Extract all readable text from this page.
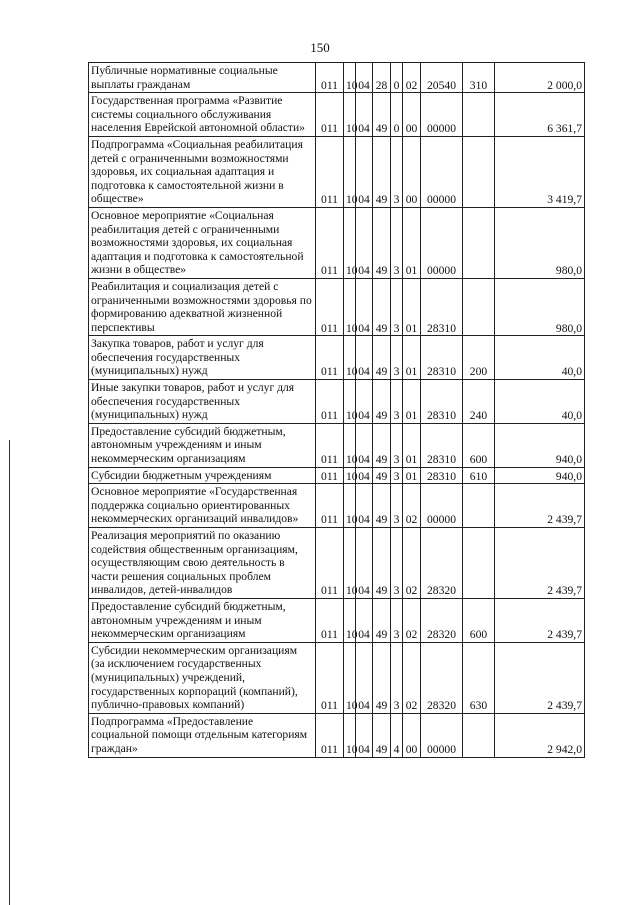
150
Публичные нормативные социальные выплаты гражданам	011	10	04	28	0	02	20540	310	2 000,0
Государственная программа «Развитие системы социального обслуживания населения Еврейской автономной области»	011	10	04	49	0	00	00000		6 361,7
Подпрограмма «Социальная реабилитация детей с ограниченными возможностями здоровья, их социальная адаптация и подготовка к самостоятельной жизни в обществе»	011	10	04	49	3	00	00000		3 419,7
Основное мероприятие «Социальная реабилитация детей с ограниченными возможностями здоровья, их социальная адаптация и подготовка к самостоятельной жизни в обществе»	011	10	04	49	3	01	00000		980,0
Реабилитация и социализация детей с ограниченными возможностями здоровья по формированию адекватной жизненной перспективы	011	10	04	49	3	01	28310		980,0
Закупка товаров, работ и услуг для обеспечения государственных (муниципальных) нужд	011	10	04	49	3	01	28310	200	40,0
Иные закупки товаров, работ и услуг для обеспечения государственных (муниципальных) нужд	011	10	04	49	3	01	28310	240	40,0
Предоставление субсидий бюджетным, автономным учреждениям и иным некоммерческим организациям	011	10	04	49	3	01	28310	600	940,0
Субсидии бюджетным учреждениям	011	10	04	49	3	01	28310	610	940,0
Основное мероприятие «Государственная поддержка социально ориентированных некоммерческих организаций инвалидов»	011	10	04	49	3	02	00000		2 439,7
Реализация мероприятий по оказанию содействия общественным организациям, осуществляющим свою деятельность в части решения социальных проблем инвалидов, детей-инвалидов	011	10	04	49	3	02	28320		2 439,7
Предоставление субсидий бюджетным, автономным учреждениям и иным некоммерческим организациям	011	10	04	49	3	02	28320	600	2 439,7
Субсидии некоммерческим организациям (за исключением государственных (муниципальных) учреждений, государственных корпораций (компаний), публично-правовых компаний)	011	10	04	49	3	02	28320	630	2 439,7
Подпрограмма «Предоставление социальной помощи отдельным категориям граждан»	011	10	04	49	4	00	00000		2 942,0
